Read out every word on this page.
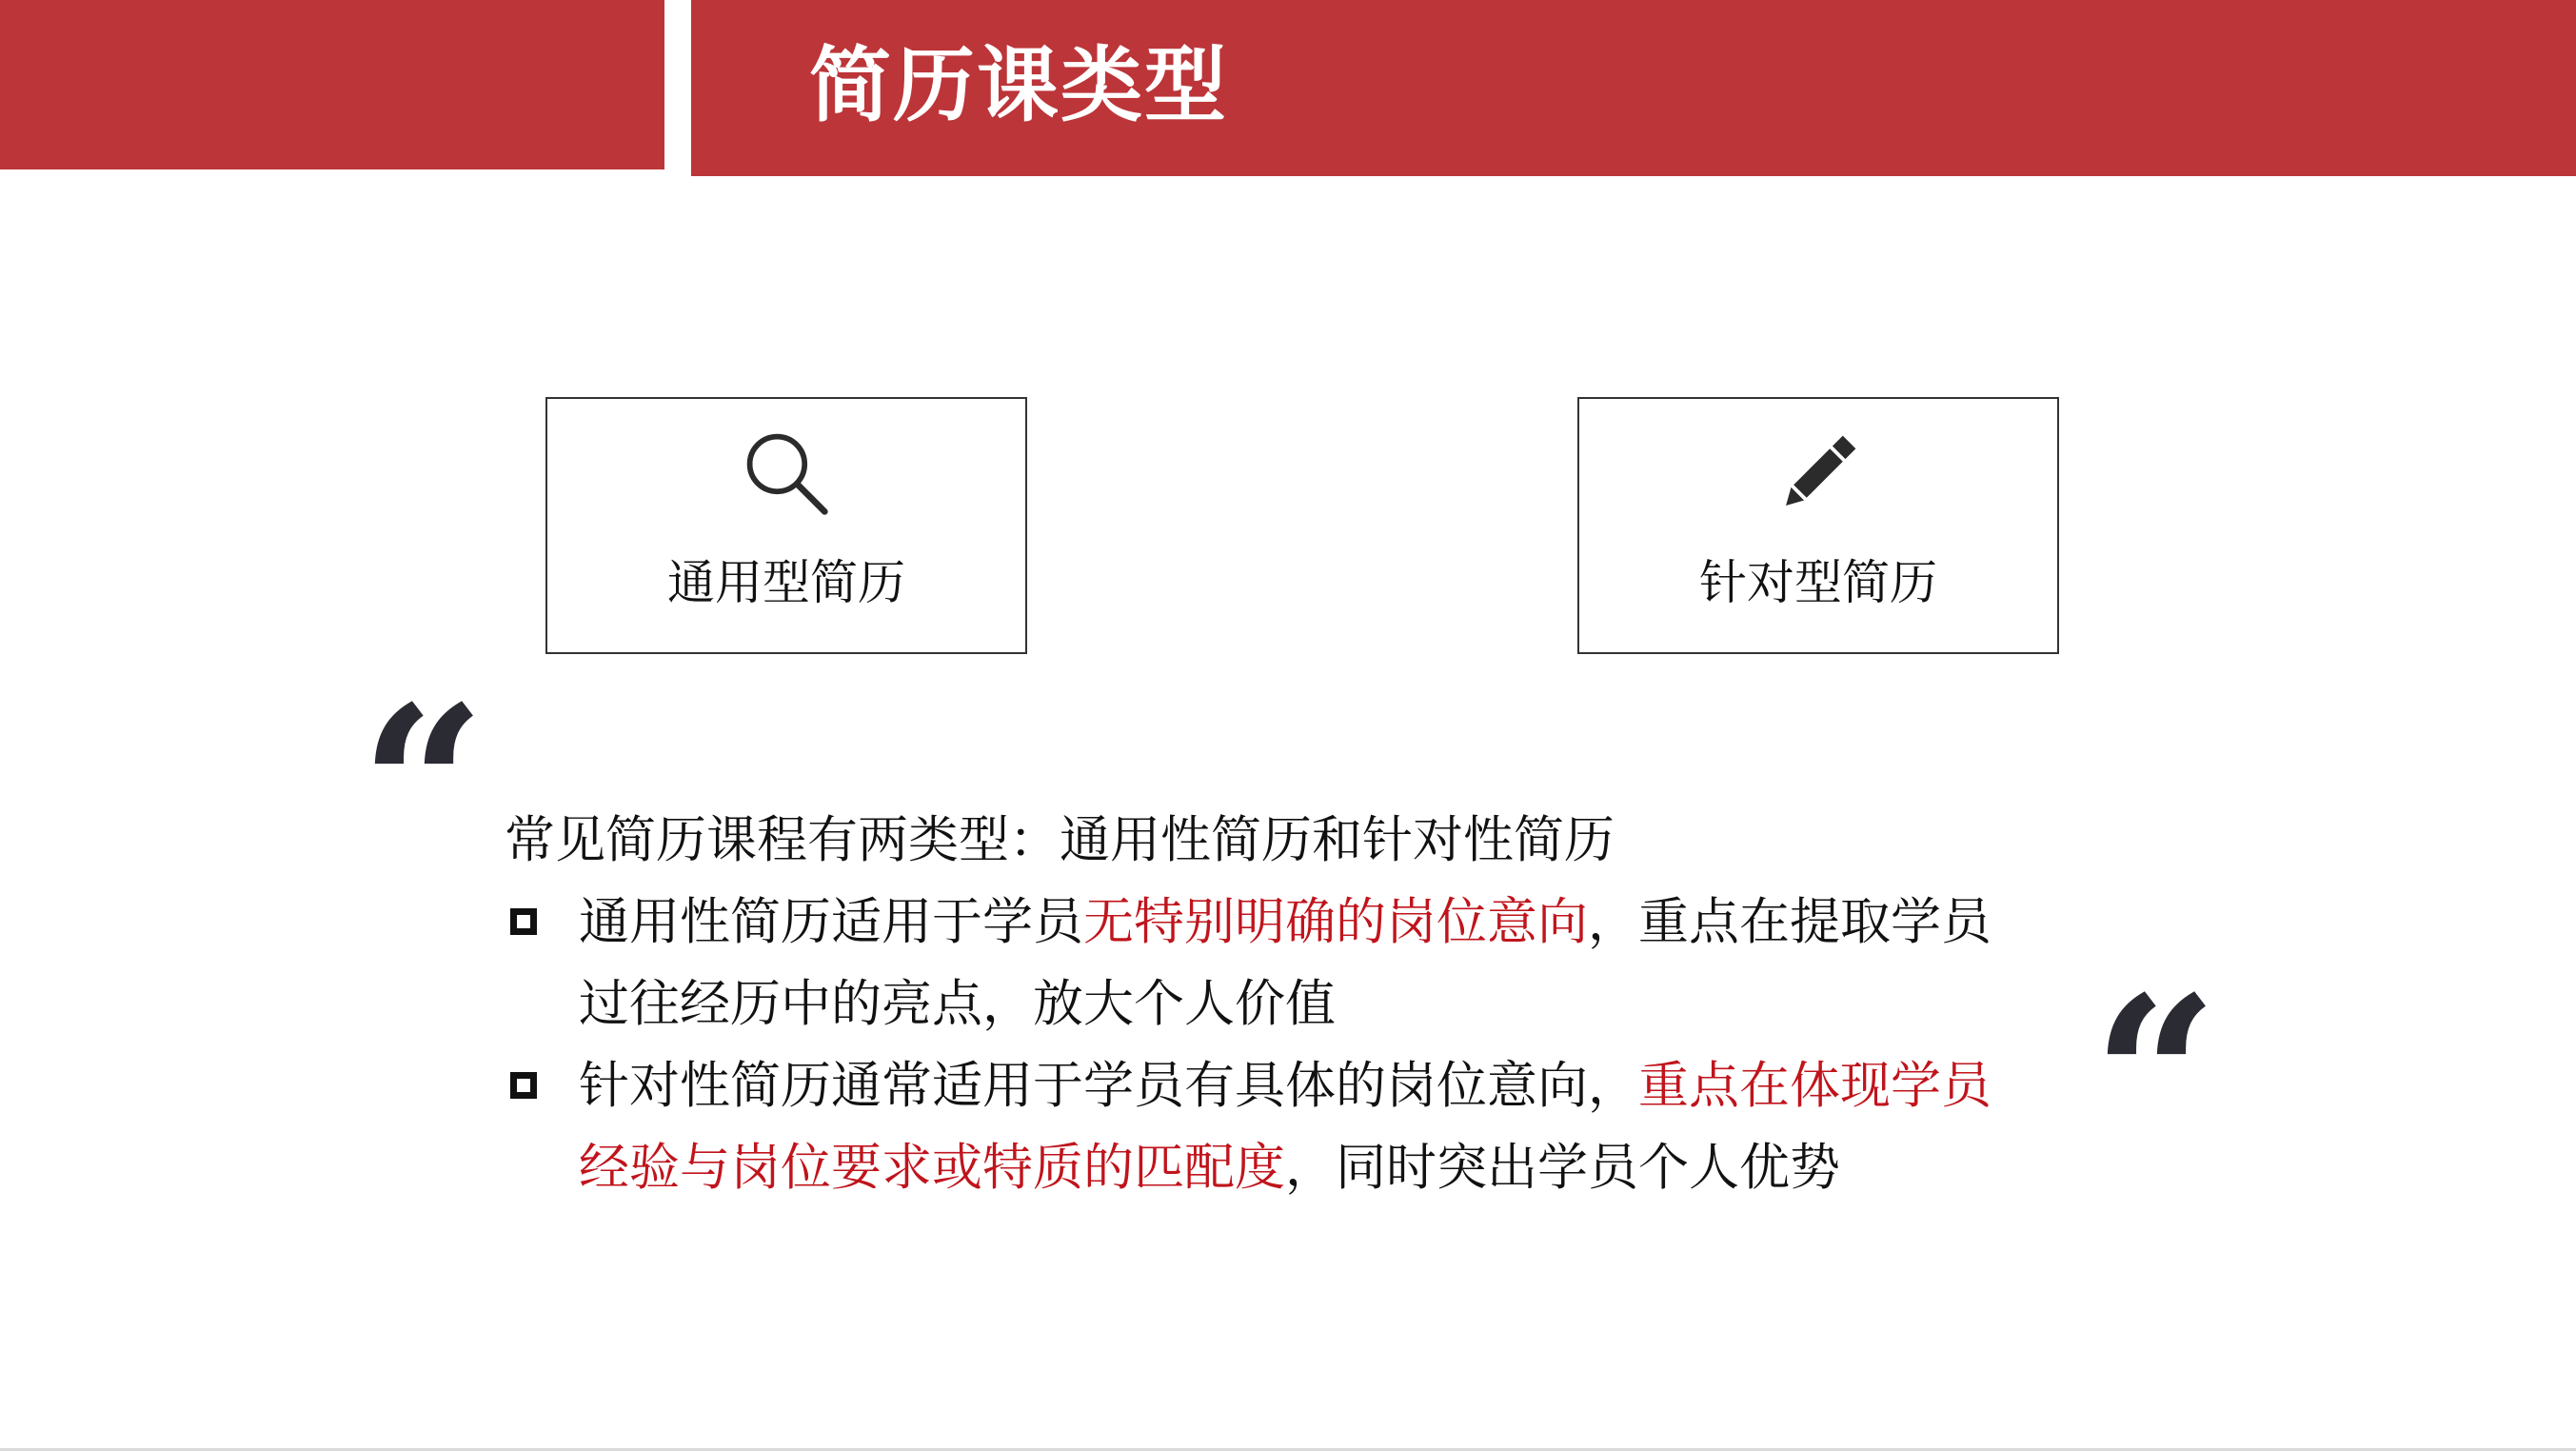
简历课类型
通用型简历	针对型简历
“
“
常见简历课程有两类型：通用性简历和针对性简历
通用性简历适用于学员无特别明确的岗位意向，重点在提取学员
过往经历中的亮点，放大个人价值
针对性简历通常适用于学员有具体的岗位意向，重点在体现学员
经验与岗位要求或特质的匹配度，同时突出学员个人优势
